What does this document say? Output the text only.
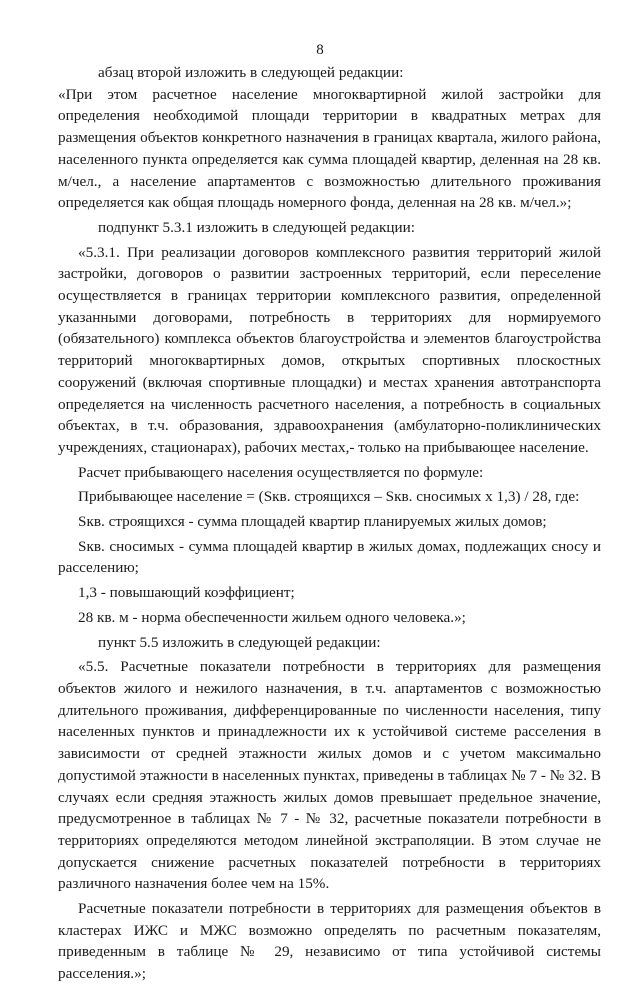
8

абзац второй изложить в следующей редакции:

«При этом расчетное население многоквартирной жилой застройки для определения необходимой площади территории в квадратных метрах для размещения объектов конкретного назначения в границах квартала, жилого района, населенного пункта определяется как сумма площадей квартир, деленная на 28 кв. м/чел., а население апартаментов с возможностью длительного проживания определяется как общая площадь номерного фонда, деленная на 28 кв. м/чел.»;

подпункт 5.3.1 изложить в следующей редакции:

«5.3.1. При реализации договоров комплексного развития территорий жилой застройки, договоров о развитии застроенных территорий, если переселение осуществляется в границах территории комплексного развития, определенной указанными договорами, потребность в территориях для нормируемого (обязательного) комплекса объектов благоустройства и элементов благоустройства территорий многоквартирных домов, открытых спортивных плоскостных сооружений (включая спортивные площадки) и местах хранения автотранспорта определяется на численность расчетного населения, а потребность в социальных объектах, в т.ч. образования, здравоохранения (амбулаторно-поликлинических учреждениях, стационарах), рабочих местах,- только на прибывающее население.

Расчет прибывающего населения осуществляется по формуле:

Прибывающее население = (Sкв. строящихся – Sкв. сносимых х 1,3) / 28, где:

Sкв. строящихся - сумма площадей квартир планируемых жилых домов;

Sкв. сносимых - сумма площадей квартир в жилых домах, подлежащих сносу и расселению;

1,3 - повышающий коэффициент;

28 кв. м - норма обеспеченности жильем одного человека.»;

пункт 5.5 изложить в следующей редакции:

«5.5. Расчетные показатели потребности в территориях для размещения объектов жилого и нежилого назначения, в т.ч. апартаментов с возможностью длительного проживания, дифференцированные по численности населения, типу населенных пунктов и принадлежности их к устойчивой системе расселения в зависимости от средней этажности жилых домов и с учетом максимально допустимой этажности в населенных пунктах, приведены в таблицах № 7 - № 32. В случаях если средняя этажность жилых домов превышает предельное значение, предусмотренное в таблицах № 7 - № 32, расчетные показатели потребности в территориях определяются методом линейной экстраполяции. В этом случае не допускается снижение расчетных показателей потребности в территориях различного назначения более чем на 15%.

Расчетные показатели потребности в территориях для размещения объектов в кластерах ИЖС и МЖС возможно определять по расчетным показателям, приведенным в таблице № 29, независимо от типа устойчивой системы расселения.»;
